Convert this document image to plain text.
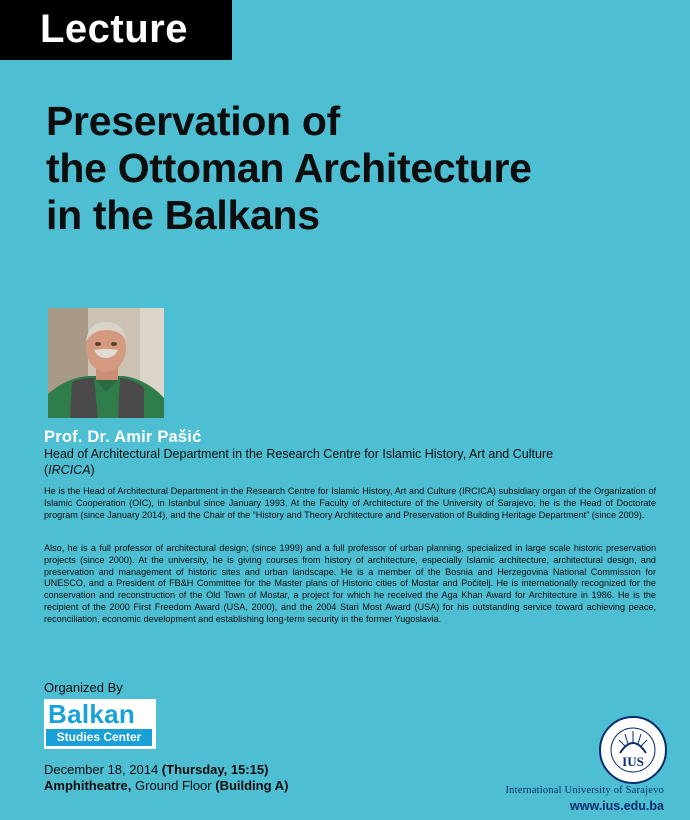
Lecture
Preservation of
the Ottoman Architecture
in the Balkans
Prof. Dr. Amir Pašić
Head of Architectural Department in the Research Centre for Islamic History, Art and Culture (IRCICA)

He is the Head of Architectural Department in the Research Centre for Islamic History, Art and Culture (IRCICA) subsidiary organ of the Organization of Islamic Cooperation (OIC), in Istanbul since January 1993. At the Faculty of Architecture of the University of Sarajevo, he is the Head of Doctorate program (since January 2014), and the Chair of the “History and Theory Architecture and Preservation of Building Heritage Department” (since 2009).

Also, he is a full professor of architectural design; (since 1999) and a full professor of urban planning, specialized in large scale historic preservation projects (since 2000). At the university, he is giving courses from history of architecture, especially Islamic architecture, architectural design, and preservation and management of historic sites and urban landscape. He is a member of the Bosnia and Herzegovina National Commission for UNESCO, and a President of FB&H Committee for the Master plans of Historic cities of Mostar and Počitelj. He is internationally recognized for the conservation and reconstruction of the Old Town of Mostar, a project for which he received the Aga Khan Award for Architecture in 1986. He is the recipient of the 2000 First Freedom Award (USA, 2000), and the 2004 Stari Most Award (USA) for his outstanding service toward achieving peace, reconciliation, economic development and establishing long-term security in the former Yugoslavia.

Organized By
Balkan
Studies Center
December 18, 2014 (Thursday, 15:15)
Amphitheatre, Ground Floor (Building A)
IUS
International University of Sarajevo
www.ius.edu.ba
